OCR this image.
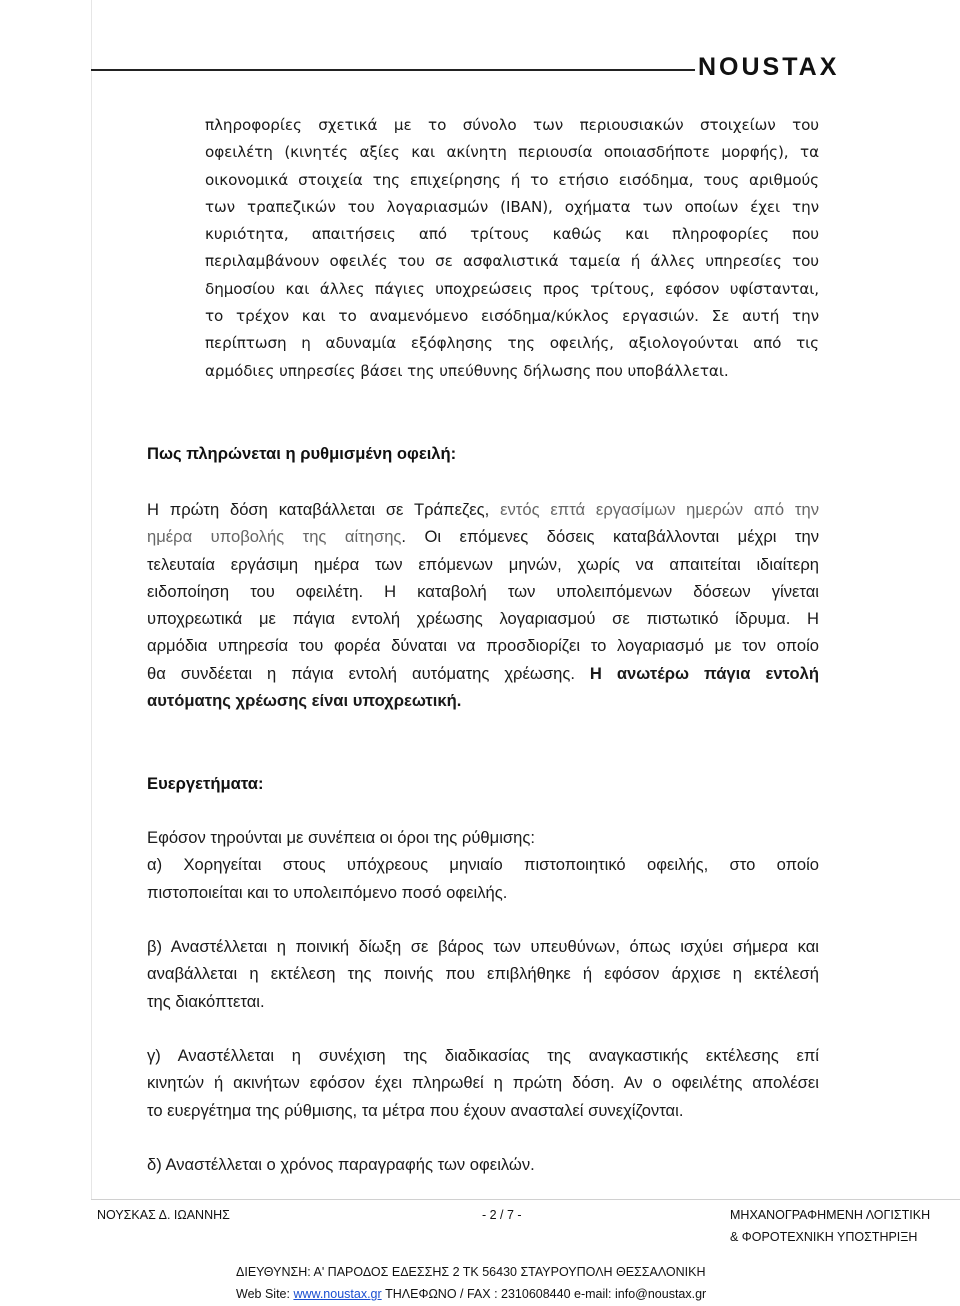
NOUSTAX
πληροφορίες σχετικά με το σύνολο των περιουσιακών στοιχείων του
οφειλέτη (κινητές αξίες και ακίνητη περιουσία οποιασδήποτε μορφής), τα
οικονομικά στοιχεία της επιχείρησης ή το ετήσιο εισόδημα, τους αριθμούς
των τραπεζικών του λογαριασμών (IBAN), οχήματα των οποίων έχει την
κυριότητα, απαιτήσεις από τρίτους καθώς και πληροφορίες που
περιλαμβάνουν οφειλές του σε ασφαλιστικά ταμεία ή άλλες υπηρεσίες του
δημοσίου και άλλες πάγιες υποχρεώσεις προς τρίτους, εφόσον υφίστανται,
το τρέχον και το αναμενόμενο εισόδημα/κύκλος εργασιών. Σε αυτή την
περίπτωση η αδυναμία εξόφλησης της οφειλής, αξιολογούνται από τις
αρμόδιες υπηρεσίες βάσει της υπεύθυνης δήλωσης που υποβάλλεται.
Πως πληρώνεται η ρυθμισμένη οφειλή:
Η πρώτη δόση καταβάλλεται σε Τράπεζες, εντός επτά εργασίμων ημερών από την
ημέρα υποβολής της αίτησης. Οι επόμενες δόσεις καταβάλλονται μέχρι την
τελευταία εργάσιμη ημέρα των επόμενων μηνών, χωρίς να απαιτείται ιδιαίτερη
ειδοποίηση του οφειλέτη. Η καταβολή των υπολειπόμενων δόσεων γίνεται
υποχρεωτικά με πάγια εντολή χρέωσης λογαριασμού σε πιστωτικό ίδρυμα. Η
αρμόδια υπηρεσία του φορέα δύναται να προσδιορίζει το λογαριασμό με τον οποίο
θα συνδέεται η πάγια εντολή αυτόματης χρέωσης. Η ανωτέρω πάγια εντολή
αυτόματης χρέωσης είναι υποχρεωτική.
Ευεργετήματα:
Εφόσον τηρούνται με συνέπεια οι όροι της ρύθμισης:
α) Χορηγείται στους υπόχρεους μηνιαίο πιστοποιητικό οφειλής, στο οποίο
πιστοποιείται και το υπολειπόμενο ποσό οφειλής.
β) Αναστέλλεται η ποινική δίωξη σε βάρος των υπευθύνων, όπως ισχύει σήμερα και
αναβάλλεται η εκτέλεση της ποινής που επιβλήθηκε ή εφόσον άρχισε η εκτέλεσή
της διακόπτεται.
γ) Αναστέλλεται η συνέχιση της διαδικασίας της αναγκαστικής εκτέλεσης επί
κινητών ή ακινήτων εφόσον έχει πληρωθεί η πρώτη δόση. Αν ο οφειλέτης απολέσει
το ευεργέτημα της ρύθμισης, τα μέτρα που έχουν ανασταλεί συνεχίζονται.
δ) Αναστέλλεται ο χρόνος παραγραφής των οφειλών.
ΝΟΥΣΚΑΣ Δ. ΙΩΑΝΝΗΣ	- 2 / 7 -	ΜΗΧΑΝΟΓΡΑΦΗΜΕΝΗ ΛΟΓΙΣΤΙΚΗ
& ΦΟΡΟΤΕΧΝΙΚΗ ΥΠΟΣΤΗΡΙΞΗ
ΔΙΕΥΘΥΝΣΗ: Α' ΠΑΡΟΔΟΣ ΕΔΕΣΣΗΣ 2 ΤΚ 56430 ΣΤΑΥΡΟΥΠΟΛΗ ΘΕΣΣΑΛΟΝΙΚΗ
Web Site: www.noustax.gr ΤΗΛΕΦΩΝΟ / FAX : 2310608440 e-mail: info@noustax.gr
